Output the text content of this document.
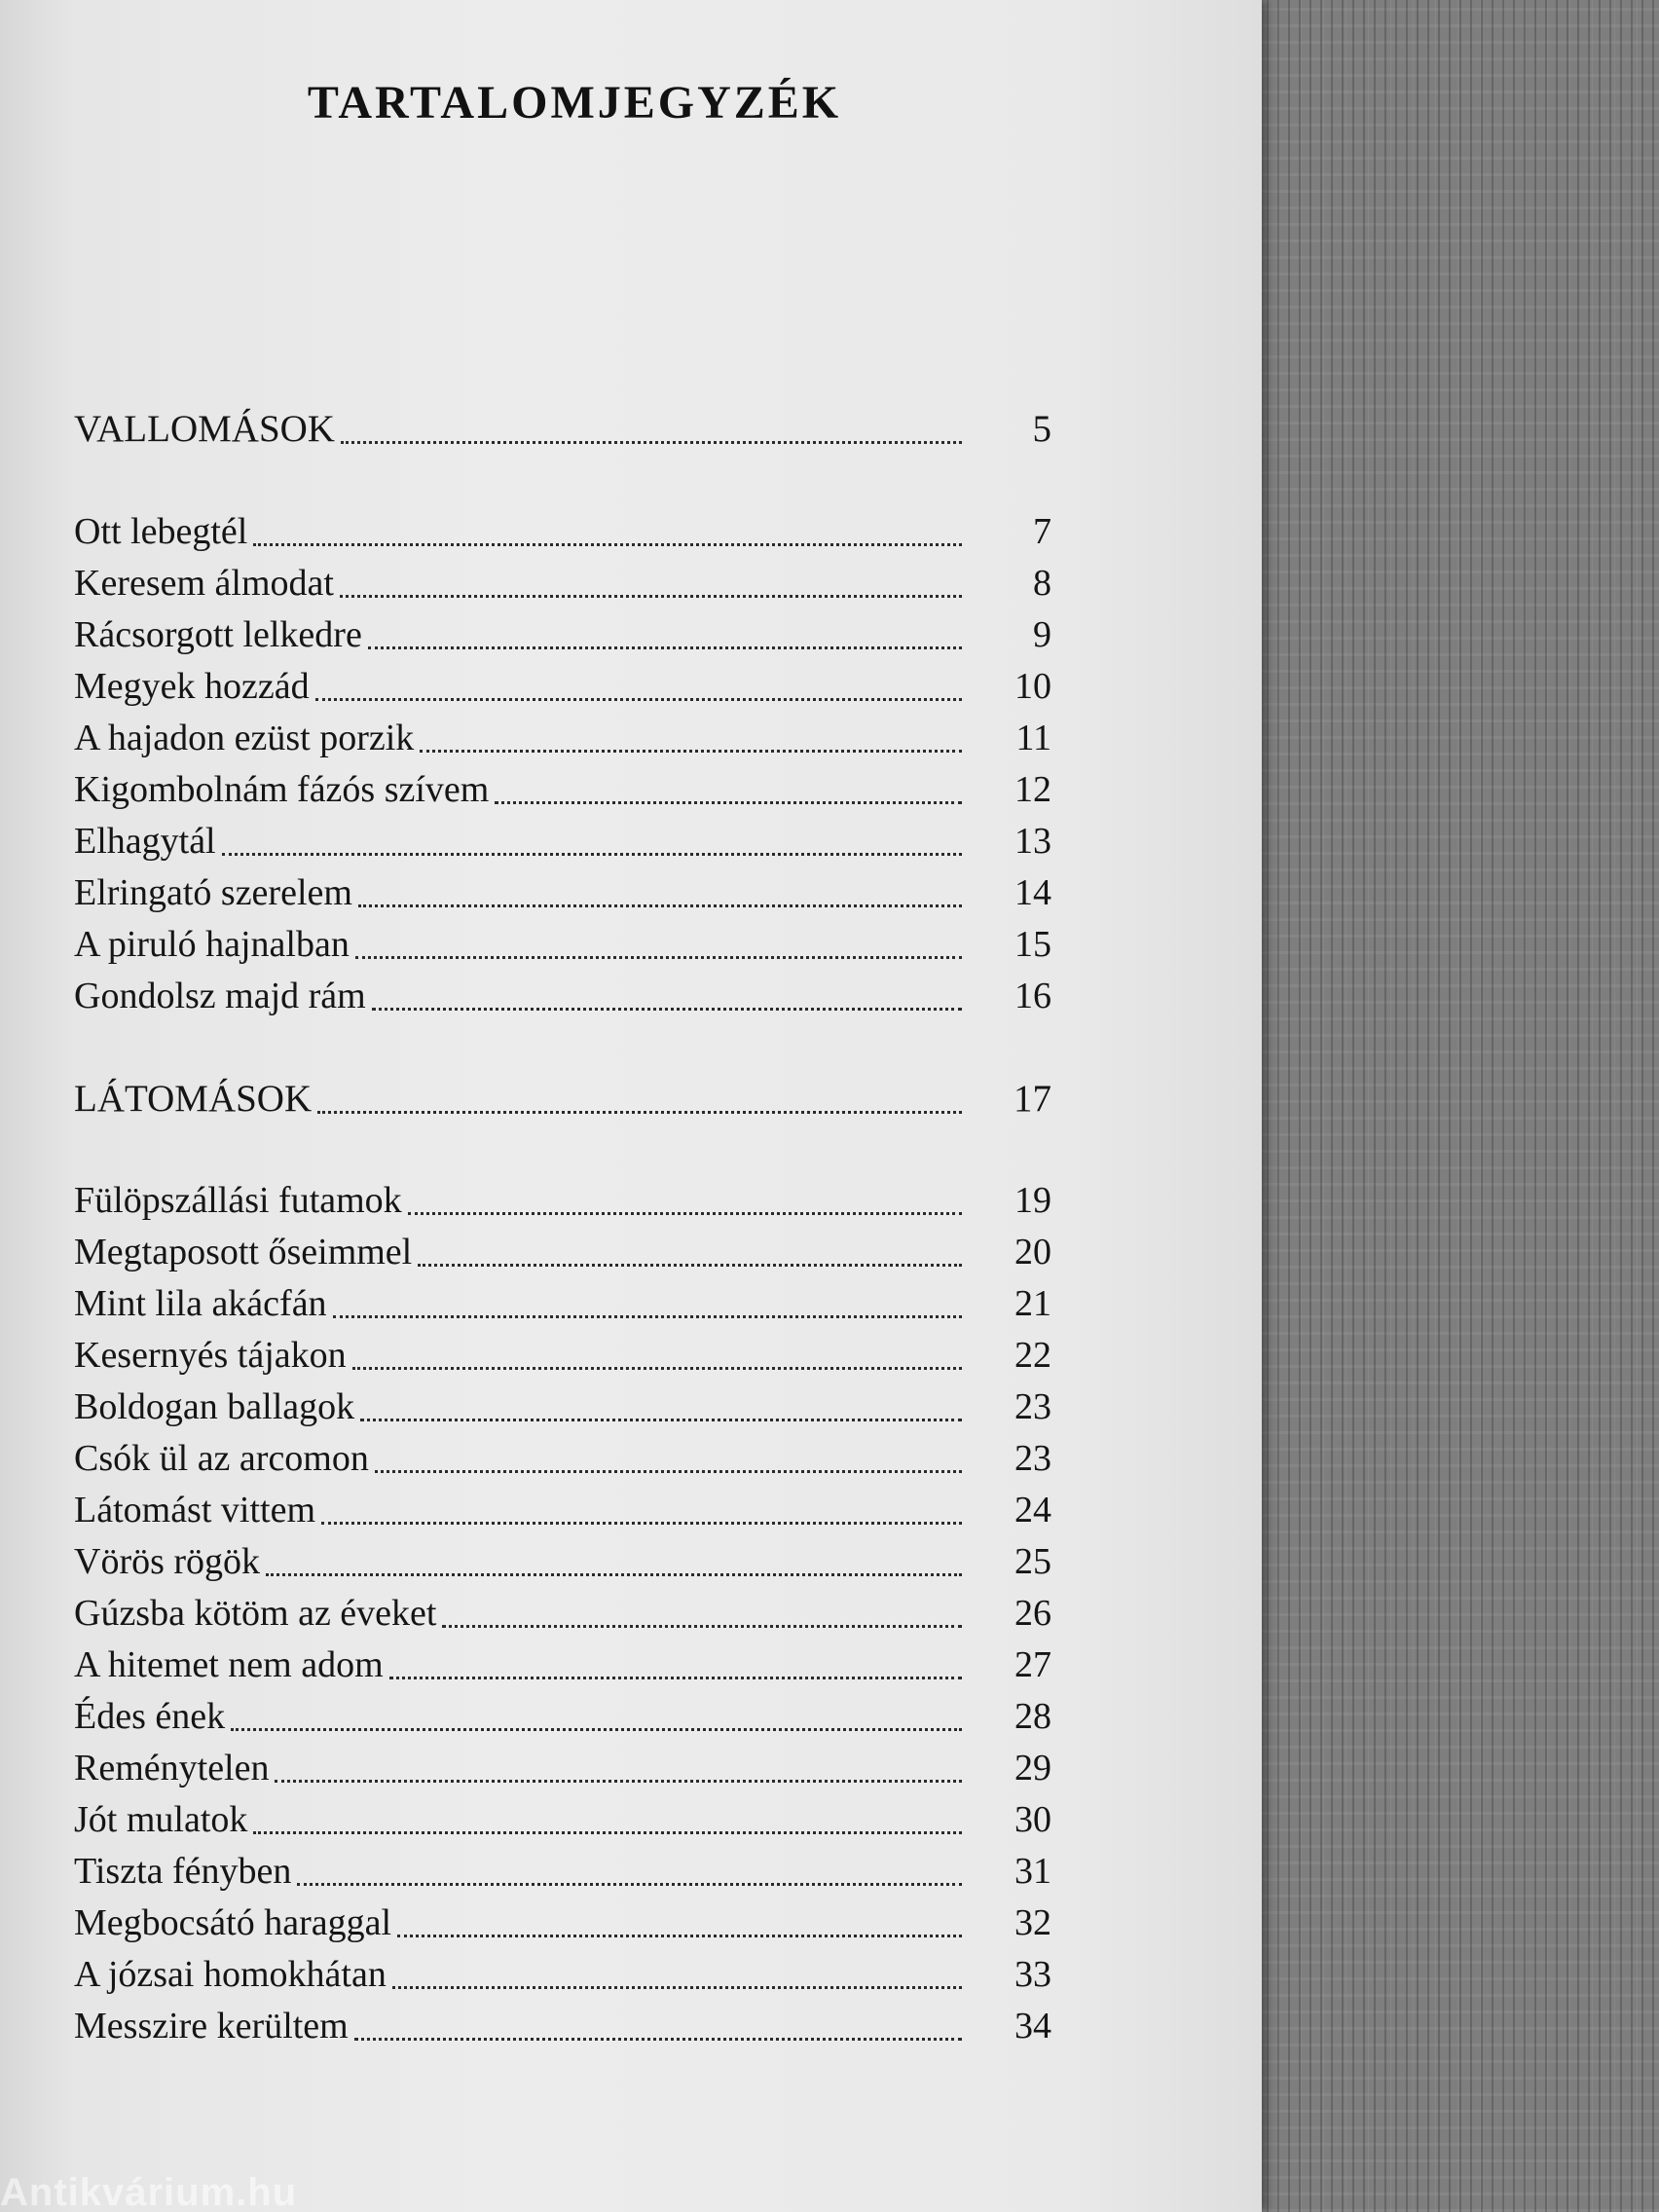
TARTALOMJEGYZÉK
VALLOMÁSOK	5
Ott lebegtél	7
Keresem álmodat	8
Rácsorgott lelkedre	9
Megyek hozzád	10
A hajadon ezüst porzik	11
Kigombolnám fázós szívem	12
Elhagytál	13
Elringató szerelem	14
A piruló hajnalban	15
Gondolsz majd rám	16
LÁTOMÁSOK	17
Fülöpszállási futamok	19
Megtaposott őseimmel	20
Mint lila akácfán	21
Kesernyés tájakon	22
Boldogan ballagok	23
Csók ül az arcomon	23
Látomást vittem	24
Vörös rögök	25
Gúzsba kötöm az éveket	26
A hitemet nem adom	27
Édes ének	28
Reménytelen	29
Jót mulatok	30
Tiszta fényben	31
Megbocsátó haraggal	32
A józsai homokhátan	33
Messzire kerültem	34
Antikvárium.hu
